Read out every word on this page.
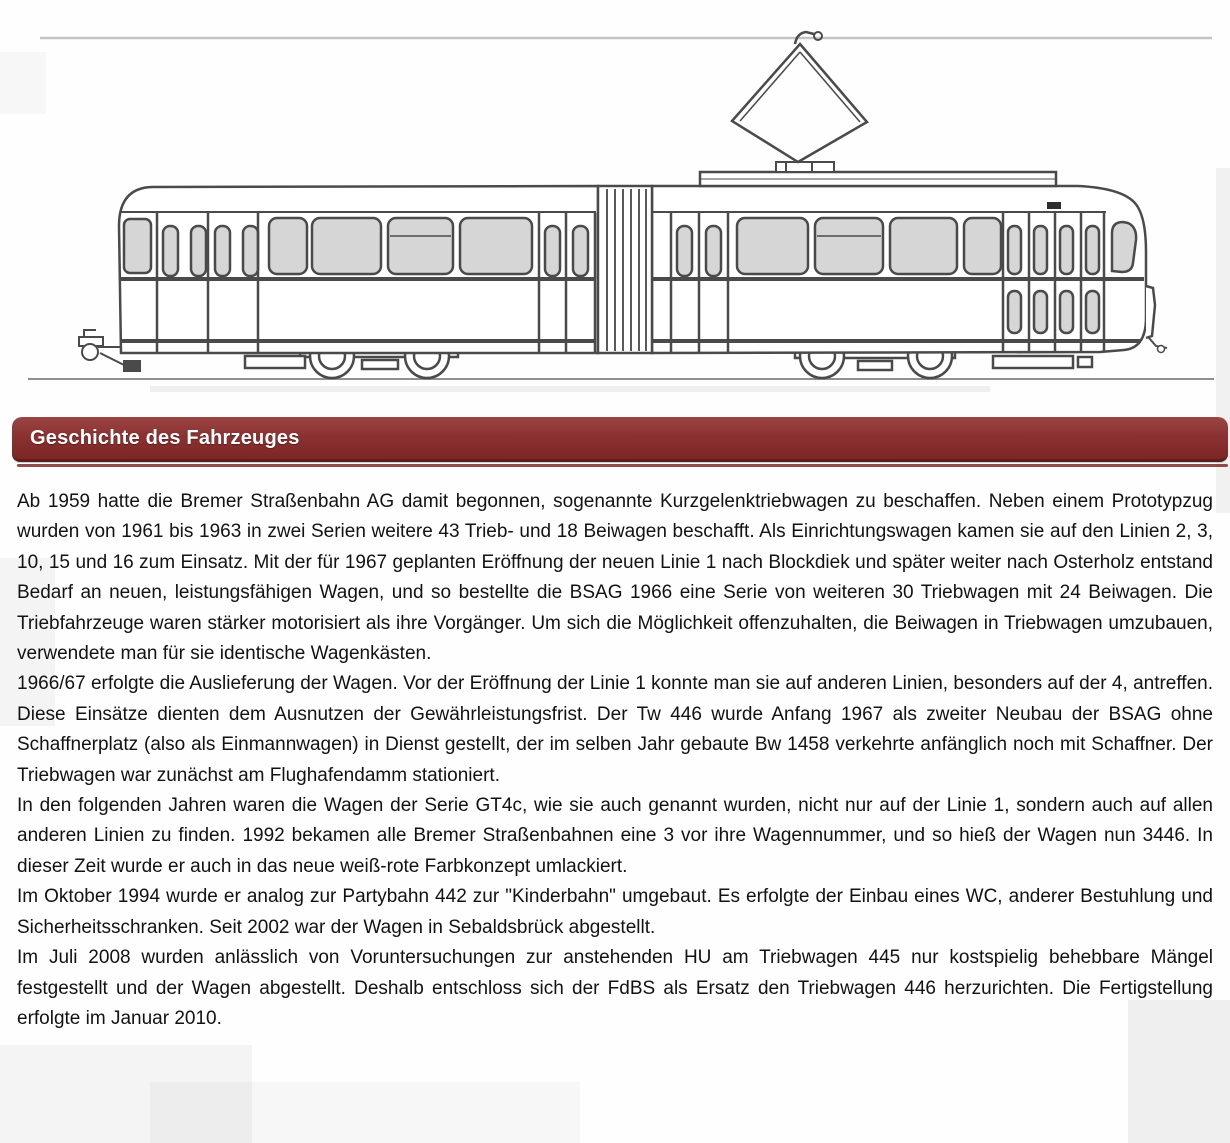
Geschichte des Fahrzeuges

Ab 1959 hatte die Bremer Straßenbahn AG damit begonnen, sogenannte Kurzgelenktriebwagen zu beschaffen. Neben einem Prototypzug wurden von 1961 bis 1963 in zwei Serien weitere 43 Trieb- und 18 Beiwagen beschafft. Als Einrichtungswagen kamen sie auf den Linien 2, 3, 10, 15 und 16 zum Einsatz. Mit der für 1967 geplanten Eröffnung der neuen Linie 1 nach Blockdiek und später weiter nach Osterholz entstand Bedarf an neuen, leistungsfähigen Wagen, und so bestellte die BSAG 1966 eine Serie von weiteren 30 Triebwagen mit 24 Beiwagen. Die Triebfahrzeuge waren stärker motorisiert als ihre Vorgänger. Um sich die Möglichkeit offenzuhalten, die Beiwagen in Triebwagen umzubauen, verwendete man für sie identische Wagenkästen.

1966/67 erfolgte die Auslieferung der Wagen. Vor der Eröffnung der Linie 1 konnte man sie auf anderen Linien, besonders auf der 4, antreffen. Diese Einsätze dienten dem Ausnutzen der Gewährleistungsfrist. Der Tw 446 wurde Anfang 1967 als zweiter Neubau der BSAG ohne Schaffnerplatz (also als Einmannwagen) in Dienst gestellt, der im selben Jahr gebaute Bw 1458 verkehrte anfänglich noch mit Schaffner. Der Triebwagen war zunächst am Flughafendamm stationiert.

In den folgenden Jahren waren die Wagen der Serie GT4c, wie sie auch genannt wurden, nicht nur auf der Linie 1, sondern auch auf allen anderen Linien zu finden. 1992 bekamen alle Bremer Straßenbahnen eine 3 vor ihre Wagennummer, und so hieß der Wagen nun 3446. In dieser Zeit wurde er auch in das neue weiß-rote Farbkonzept umlackiert.

Im Oktober 1994 wurde er analog zur Partybahn 442 zur "Kinderbahn" umgebaut. Es erfolgte der Einbau eines WC, anderer Bestuhlung und Sicherheitsschranken. Seit 2002 war der Wagen in Sebaldsbrück abgestellt.

Im Juli 2008 wurden anlässlich von Voruntersuchungen zur anstehenden HU am Triebwagen 445 nur kostspielig behebbare Mängel festgestellt und der Wagen abgestellt. Deshalb entschloss sich der FdBS als Ersatz den Triebwagen 446 herzurichten. Die Fertigstellung erfolgte im Januar 2010.
